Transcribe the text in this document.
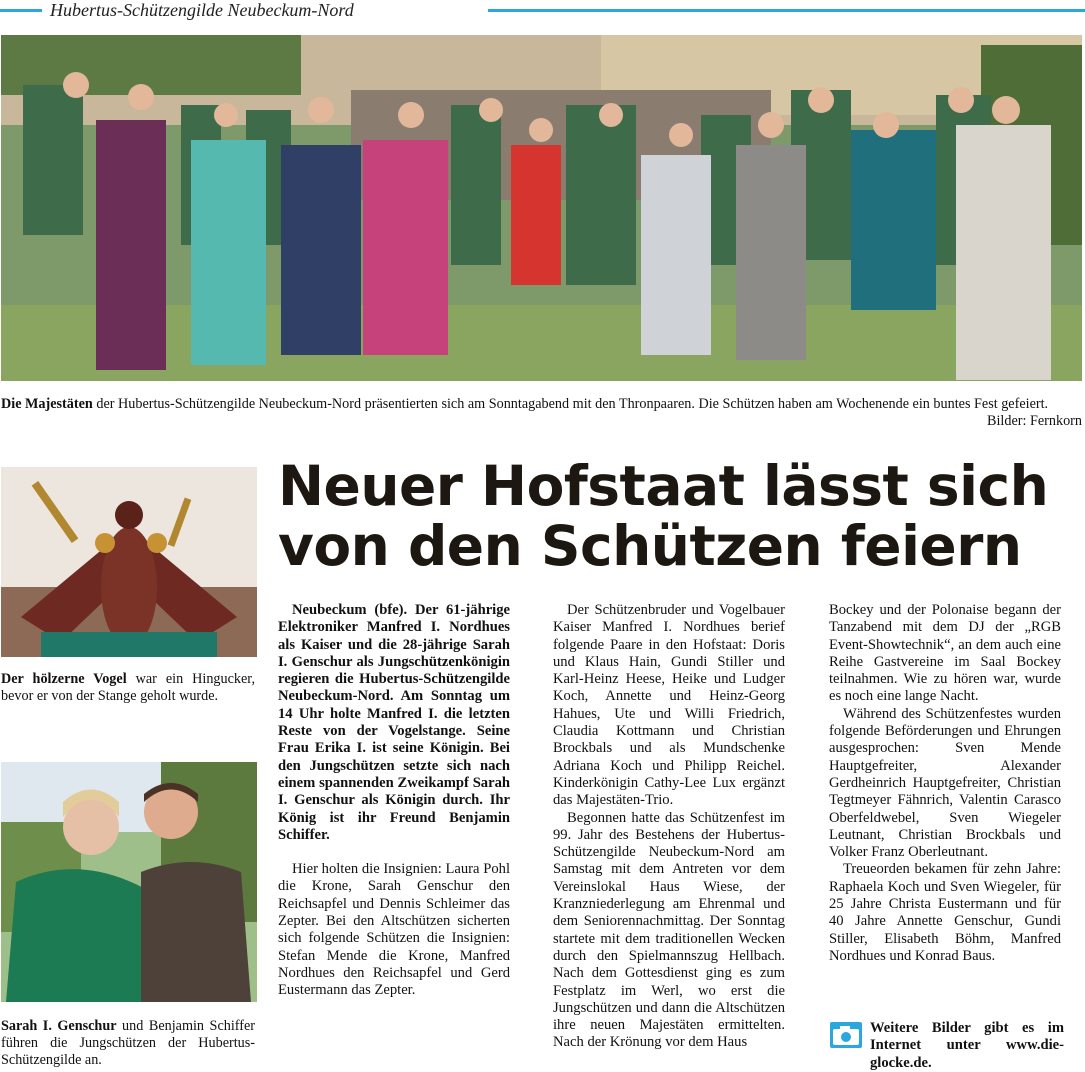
Hubertus-Schützengilde Neubeckum-Nord
Die Majestäten der Hubertus-Schützengilde Neubeckum-Nord präsentierten sich am Sonntagabend mit den Thronpaaren. Die Schützen haben am Wochenende ein buntes Fest gefeiert.
Bilder: Fernkorn
Der hölzerne Vogel war ein Hingucker, bevor er von der Stange geholt wurde.
Sarah I. Genschur und Benjamin Schiffer führen die Jungschützen der Hubertus-Schützengilde an.
Neuer Hofstaat lässt sich
von den Schützen feiern

Neubeckum (bfe). Der 61-jährige Elektroniker Manfred I. Nordhues als Kaiser und die 28-jährige Sarah I. Genschur als Jungschützenkönigin regieren die Hubertus-Schützengilde Neubeckum-Nord. Am Sonntag um 14 Uhr holte Manfred I. die letzten Reste von der Vogelstange. Seine Frau Erika I. ist seine Königin. Bei den Jungschützen setzte sich nach einem spannenden Zweikampf Sarah I. Genschur als Königin durch. Ihr König ist ihr Freund Benjamin Schiffer.

Hier holten die Insignien: Laura Pohl die Krone, Sarah Genschur den Reichsapfel und Dennis Schleimer das Zepter. Bei den Altschützen sicherten sich folgende Schützen die Insignien: Stefan Mende die Krone, Manfred Nordhues den Reichsapfel und Gerd Eustermann das Zepter.

Der Schützenbruder und Vogelbauer Kaiser Manfred I. Nordhues berief folgende Paare in den Hofstaat: Doris und Klaus Hain, Gundi Stiller und Karl-Heinz Heese, Heike und Ludger Koch, Annette und Heinz-Georg Hahues, Ute und Willi Friedrich, Claudia Kottmann und Christian Brockbals und als Mundschenke Adriana Koch und Philipp Reichel. Kinderkönigin Cathy-Lee Lux ergänzt das Majestäten-Trio.

Begonnen hatte das Schützenfest im 99. Jahr des Bestehens der Hubertus-Schützengilde Neubeckum-Nord am Samstag mit dem Antreten vor dem Vereinslokal Haus Wiese, der Kranzniederlegung am Ehrenmal und dem Seniorennachmittag. Der Sonntag startete mit dem traditionellen Wecken durch den Spielmannszug Hellbach. Nach dem Gottesdienst ging es zum Festplatz im Werl, wo erst die Jungschützen und dann die Altschützen ihre neuen Majestäten ermittelten. Nach der Krönung vor dem Haus

Bockey und der Polonaise begann der Tanzabend mit dem DJ der „RGB Event-Showtechnik“, an dem auch eine Reihe Gastvereine im Saal Bockey teilnahmen. Wie zu hören war, wurde es noch eine lange Nacht.

Während des Schützenfestes wurden folgende Beförderungen und Ehrungen ausgesprochen: Sven Mende Hauptgefreiter, Alexander Gerdheinrich Hauptgefreiter, Christian Tegtmeyer Fähnrich, Valentin Carasco Oberfeldwebel, Sven Wiegeler Leutnant, Christian Brockbals und Volker Franz Oberleutnant.

Treueorden bekamen für zehn Jahre: Raphaela Koch und Sven Wiegeler, für 25 Jahre Christa Eustermann und für 40 Jahre Annette Genschur, Gundi Stiller, Elisabeth Böhm, Manfred Nordhues und Konrad Baus.

Weitere Bilder gibt es im Internet unter www.die-glocke.de.
